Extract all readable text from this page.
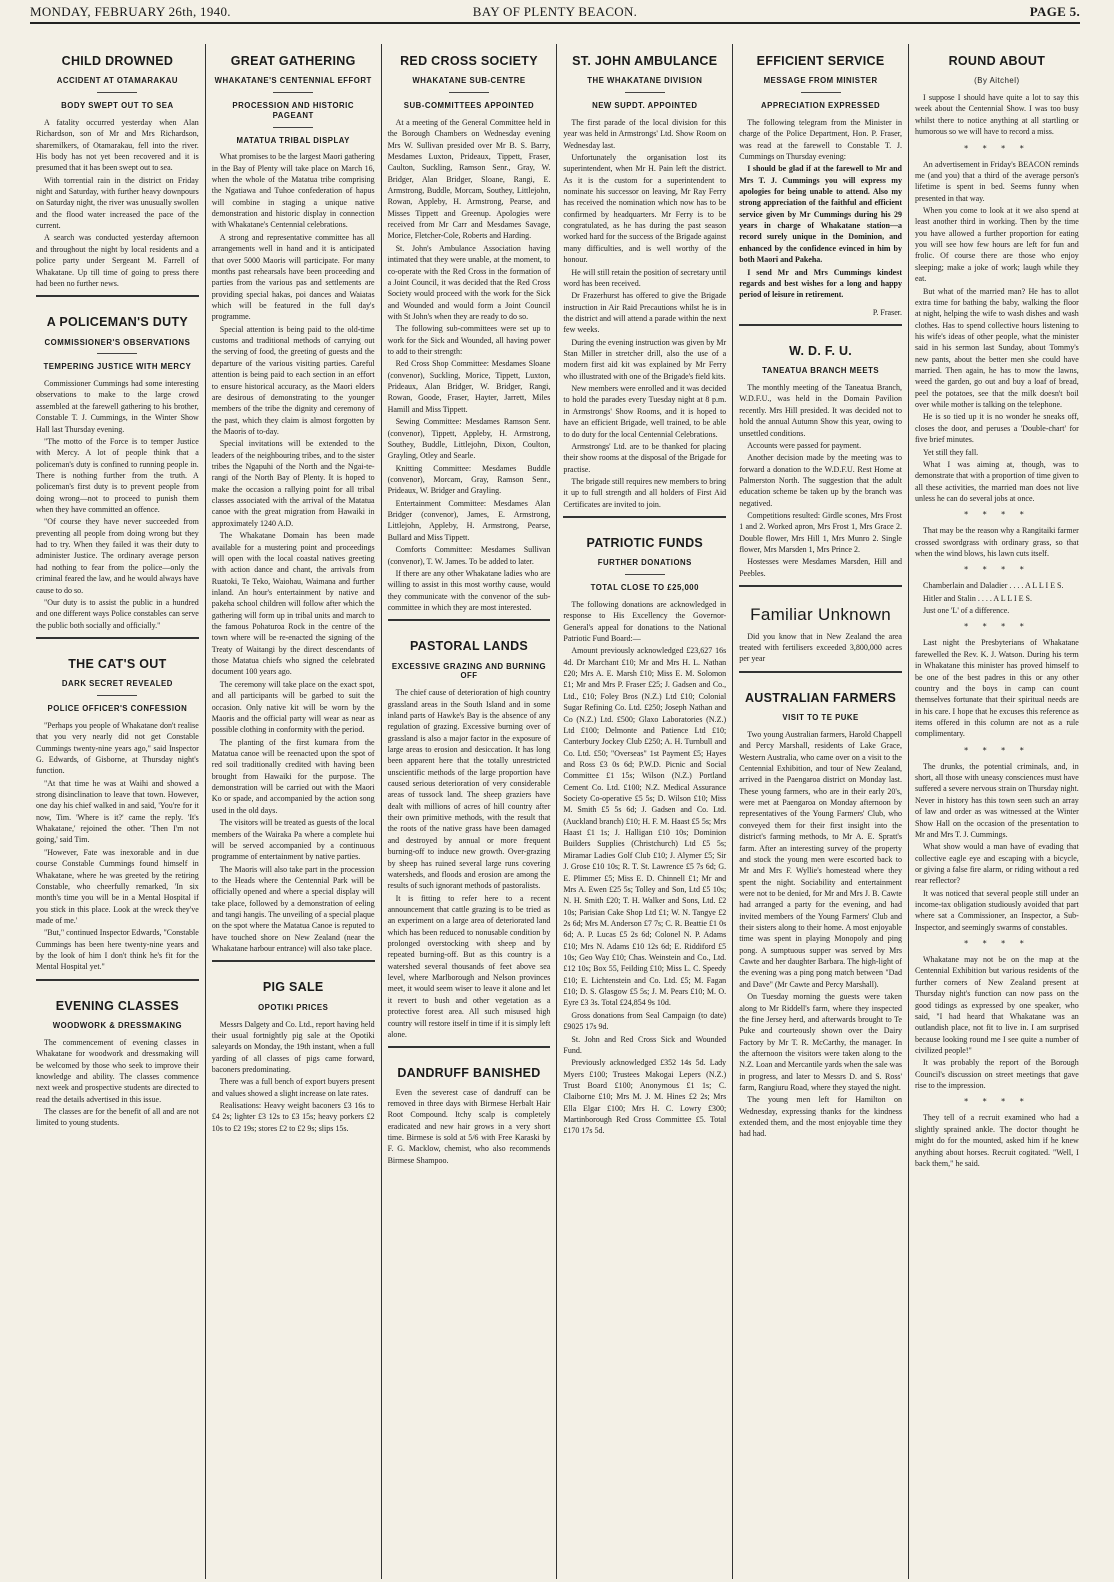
MONDAY, FEBRUARY 26th, 1940.	BAY OF PLENTY BEACON.	PAGE 5.
CHILD DROWNED
ACCIDENT AT OTAMARAKAU
BODY SWEPT OUT TO SEA

A fatality occurred yesterday when Alan Richardson, son of Mr and Mrs Richardson, sharemilkers, of Otamarakau, fell into the river. His body has not yet been recovered and it is presumed that it has been swept out to sea.

With torrential rain in the district on Friday night and Saturday, with further heavy downpours on Saturday night, the river was unusually swollen and the flood water increased the pace of the current.

A search was conducted yesterday afternoon and throughout the night by local residents and a police party under Sergeant M. Farrell of Whakatane. Up till time of going to press there had been no further news.

A POLICEMAN'S DUTY
COMMISSIONER'S OBSERVATIONS
TEMPERING JUSTICE WITH MERCY

Commissioner Cummings had some interesting observations to make to the large crowd assembled at the farewell gathering to his brother, Constable T. J. Cummings, in the Winter Show Hall last Thursday evening.

"The motto of the Force is to temper Justice with Mercy. A lot of people think that a policeman's duty is confined to running people in. There is nothing further from the truth. A policeman's first duty is to prevent people from doing wrong—not to proceed to punish them when they have committed an offence.

"Of course they have never succeeded from preventing all people from doing wrong but they had to try. When they failed it was their duty to administer Justice. The ordinary average person had nothing to fear from the police—only the criminal feared the law, and he would always have cause to do so.

"Our duty is to assist the public in a hundred and one different ways Police constables can serve the public both socially and officially."

THE CAT'S OUT
DARK SECRET REVEALED
POLICE OFFICER'S CONFESSION

"Perhaps you people of Whakatane don't realise that you very nearly did not get Constable Cummings twenty-nine years ago," said Inspector G. Edwards, of Gisborne, at Thursday night's function.

"At that time he was at Waihi and showed a strong disinclination to leave that town. However, one day his chief walked in and said, 'You're for it now, Tim. 'Where is it?' came the reply. 'It's Whakatane,' rejoined the other. 'Then I'm not going,' said Tim.

"However, Fate was inexorable and in due course Constable Cummings found himself in Whakatane, where he was greeted by the retiring Constable, who cheerfully remarked, 'In six month's time you will be in a Mental Hospital if you stick in this place. Look at the wreck they've made of me.'

"But," continued Inspector Edwards, "Constable Cummings has been here twenty-nine years and by the look of him I don't think he's fit for the Mental Hospital yet."

EVENING CLASSES
WOODWORK & DRESSMAKING

The commencement of evening classes in Whakatane for woodwork and dressmaking will be welcomed by those who seek to improve their knowledge and ability. The classes commence next week and prospective students are directed to read the details advertised in this issue.

The classes are for the benefit of all and are not limited to young students.

GREAT GATHERING
WHAKATANE'S CENTENNIAL EFFORT
PROCESSION AND HISTORIC PAGEANT
MATATUA TRIBAL DISPLAY

What promises to be the largest Maori gathering in the Bay of Plenty will take place on March 16, when the whole of the Matatua tribe comprising the Ngatiawa and Tuhoe confederation of hapus will combine in staging a unique native demonstration and historic display in connection with Whakatane's Centennial celebrations.

A strong and representative committee has all arrangements well in hand and it is anticipated that over 5000 Maoris will participate. For many months past rehearsals have been proceeding and parties from the various pas and settlements are providing special hakas, poi dances and Waiatas which will be featured in the full day's programme.

Special attention is being paid to the old-time customs and traditional methods of carrying out the serving of food, the greeting of guests and the departure of the various visiting parties. Careful attention is being paid to each section in an effort to ensure historical accuracy, as the Maori elders are desirous of demonstrating to the younger members of the tribe the dignity and ceremony of the past, which they claim is almost forgotten by the Maoris of to-day.

Special invitations will be extended to the leaders of the neighbouring tribes, and to the sister tribes the Ngapuhi of the North and the Ngai-te-rangi of the North Bay of Plenty. It is hoped to make the occasion a rallying point for all tribal classes associated with the arrival of the Matatua canoe with the great migration from Hawaiki in approximately 1240 A.D.

The Whakatane Domain has been made available for a mustering point and proceedings will open with the local coastal natives greeting with action dance and chant, the arrivals from Ruatoki, Te Teko, Waiohau, Waimana and further inland. An hour's entertainment by native and pakeha school children will follow after which the gathering will form up in tribal units and march to the famous Pohaturoa Rock in the centre of the town where will be re-enacted the signing of the Treaty of Waitangi by the direct descendants of those Matatua chiefs who signed the celebrated document 100 years ago.

The ceremony will take place on the exact spot, and all participants will be garbed to suit the occasion. Only native kit will be worn by the Maoris and the official party will wear as near as possible clothing in conformity with the period.

The planting of the first kumara from the Matatua canoe will be reenacted upon the spot of red soil traditionally credited with having been brought from Hawaiki for the purpose. The demonstration will be carried out with the Maori Ko or spade, and accompanied by the action song used in the old days.

The visitors will be treated as guests of the local members of the Wairaka Pa where a complete hui will be served accompanied by a continuous programme of entertainment by native parties.

The Maoris will also take part in the procession to the Heads where the Centennial Park will be officially opened and where a special display will take place, followed by a demonstration of eeling and tangi hangis. The unveiling of a special plaque on the spot where the Matatua Canoe is reputed to have touched shore on New Zealand (near the Whakatane harbour entrance) will also take place.

PIG SALE
OPOTIKI PRICES

Messrs Dalgety and Co. Ltd., report having held their usual fortnightly pig sale at the Opotiki saleyards on Monday, the 19th instant, when a full yarding of all classes of pigs came forward, baconers predominating.

There was a full bench of export buyers present and values showed a slight increase on late rates.

Realisations: Heavy weight baconers £3 16s to £4 2s; lighter £3 12s to £3 15s; heavy porkers £2 10s to £2 19s; stores £2 to £2 9s; slips 15s.

RED CROSS SOCIETY
WHAKATANE SUB-CENTRE
SUB-COMMITTEES APPOINTED

At a meeting of the General Committee held in the Borough Chambers on Wednesday evening Mrs W. Sullivan presided over Mr B. S. Barry, Mesdames Luxton, Prideaux, Tippett, Fraser, Caulton, Suckling, Ramson Senr., Gray, W. Bridger, Alan Bridger, Sloane, Rangi, E. Armstrong, Buddle, Morcam, Southey, Littlejohn, Rowan, Appleby, H. Armstrong, Pearse, and Misses Tippett and Greenup. Apologies were received from Mr Carr and Mesdames Savage, Morice, Fletcher-Cole, Roberts and Harding.

St. John's Ambulance Association having intimated that they were unable, at the moment, to co-operate with the Red Cross in the formation of a Joint Council, it was decided that the Red Cross Society would proceed with the work for the Sick and Wounded and would form a Joint Council with St John's when they are ready to do so.

The following sub-committees were set up to work for the Sick and Wounded, all having power to add to their strength:

Red Cross Shop Committee: Mesdames Sloane (convenor), Suckling, Morice, Tippett, Luxton, Prideaux, Alan Bridger, W. Bridger, Rangi, Rowan, Goode, Fraser, Hayter, Jarrett, Miles Hamill and Miss Tippett.

Sewing Committee: Mesdames Ramson Senr. (convenor), Tippett, Appleby, H. Armstrong, Southey, Buddle, Littlejohn, Dixon, Coulton, Grayling, Otley and Searle.

Knitting Committee: Mesdames Buddle (convenor), Morcam, Gray, Ramson Senr., Prideaux, W. Bridger and Grayling.

Entertainment Committee: Mesdames Alan Bridger (convenor), James, E. Armstrong, Littlejohn, Appleby, H. Armstrong, Pearse, Bullard and Miss Tippett.

Comforts Committee: Mesdames Sullivan (convenor), T. W. James. To be added to later.

If there are any other Whakatane ladies who are willing to assist in this most worthy cause, would they communicate with the convenor of the sub-committee in which they are most interested.

PASTORAL LANDS
EXCESSIVE GRAZING AND BURNING OFF

The chief cause of deterioration of high country grassland areas in the South Island and in some inland parts of Hawke's Bay is the absence of any regulation of grazing. Excessive burning over of grassland is also a major factor in the exposure of large areas to erosion and desiccation. It has long been apparent here that the totally unrestricted unscientific methods of the large proportion have caused serious deterioration of very considerable areas of tussock land. The sheep graziers have dealt with millions of acres of hill country after their own primitive methods, with the result that the roots of the native grass have been damaged and destroyed by annual or more frequent burning-off to induce new growth. Over-grazing by sheep has ruined several large runs covering watersheds, and floods and erosion are among the results of such ignorant methods of pastoralists.

It is fitting to refer here to a recent announcement that cattle grazing is to be tried as an experiment on a large area of deteriorated land which has been reduced to nonusable condition by prolonged overstocking with sheep and by repeated burning-off. But as this country is a watershed several thousands of feet above sea level, where Marlborough and Nelson provinces meet, it would seem wiser to leave it alone and let it revert to bush and other vegetation as a protective forest area. All such misused high country will restore itself in time if it is simply left alone.

DANDRUFF BANISHED

Even the severest case of dandruff can be removed in three days with Birmese Herbalt Hair Root Compound. Itchy scalp is completely eradicated and new hair grows in a very short time. Birmese is sold at 5/6 with Free Karaski by F. G. Macklow, chemist, who also recommends Birmese Shampoo.

ST. JOHN AMBULANCE
THE WHAKATANE DIVISION
NEW SUPDT. APPOINTED

The first parade of the local division for this year was held in Armstrongs' Ltd. Show Room on Wednesday last.

Unfortunately the organisation lost its superintendent, when Mr H. Pain left the district. As it is the custom for a superintendent to nominate his successor on leaving, Mr Ray Ferry has received the nomination which now has to be confirmed by headquarters. Mr Ferry is to be congratulated, as he has during the past season worked hard for the success of the Brigade against many difficulties, and is well worthy of the honour.

He will still retain the position of secretary until word has been received.

Dr Frazerhurst has offered to give the Brigade instruction in Air Raid Precautions whilst he is in the district and will attend a parade within the next few weeks.

During the evening instruction was given by Mr Stan Miller in stretcher drill, also the use of a modern first aid kit was explained by Mr Ferry who illustrated with one of the Brigade's field kits.

New members were enrolled and it was decided to hold the parades every Tuesday night at 8 p.m. in Armstrongs' Show Rooms, and it is hoped to have an efficient Brigade, well trained, to be able to do duty for the local Centennial Celebrations.

Armstrongs' Ltd. are to be thanked for placing their show rooms at the disposal of the Brigade for practise.

The brigade still requires new members to bring it up to full strength and all holders of First Aid Certificates are invited to join.

PATRIOTIC FUNDS
FURTHER DONATIONS
TOTAL CLOSE TO £25,000

The following donations are acknowledged in response to His Excellency the Governor-General's appeal for donations to the National Patriotic Fund Board:—

Amount previously acknowledged £23,627 16s 4d. Dr Marchant £10; Mr and Mrs H. L. Nathan £20; Mrs A. E. Marsh £10; Miss E. M. Solomon £1; Mr and Mrs P. Fraser £25; J. Gadsen and Co., Ltd., £10; Foley Bros (N.Z.) Ltd £10; Colonial Sugar Refining Co. Ltd. £250; Joseph Nathan and Co (N.Z.) Ltd. £500; Glaxo Laboratories (N.Z.) Ltd £100; Delmonte and Patience Ltd £10; Canterbury Jockey Club £250; A. H. Turnbull and Co. Ltd. £50; "Overseas" 1st Payment £5; Hayes and Ross £3 0s 6d; P.W.D. Picnic and Social Committee £1 15s; Wilson (N.Z.) Portland Cement Co. Ltd. £100; N.Z. Medical Assurance Society Co-operative £5 5s; D. Wilson £10; Miss M. Smith £5 5s 6d; J. Gadsen and Co. Ltd. (Auckland branch) £10; H. F. M. Haast £5 5s; Mrs Haast £1 1s; J. Halligan £10 10s; Dominion Builders Supplies (Christchurch) Ltd £5 5s; Miramar Ladies Golf Club £10; J. Alymer £5; Sir J. Grose £10 10s; R. T. St. Lawrence £5 7s 6d; G. E. Plimmer £5; Miss E. D. Chinnell £1; Mr and Mrs A. Ewen £25 5s; Tolley and Son, Ltd £5 10s; N. H. Smith £20; T. H. Walker and Sons, Ltd. £2 10s; Parisian Cake Shop Ltd £1; W. N. Tangye £2 2s 6d; Mrs M. Anderson £7 7s; C. R. Beattie £1 0s 6d; A. P. Lucas £5 2s 6d; Colonel N. P. Adams £10; Mrs N. Adams £10 12s 6d; E. Riddiford £5 10s; Geo Way £10; Chas. Weinstein and Co., Ltd. £12 10s; Box 55, Feilding £10; Miss L. C. Speedy £10; E. Lichtenstein and Co. Ltd. £5; M. Fagan £10; D. S. Glasgow £5 5s; J. M. Pears £10; M. O. Eyre £3 3s. Total £24,854 9s 10d.

Gross donations from Seal Campaign (to date) £9025 17s 9d.

St. John and Red Cross Sick and Wounded Fund.

Previously acknowledged £352 14s 5d. Lady Myers £100; Trustees Makogai Lepers (N.Z.) Trust Board £100; Anonymous £1 1s; C. Claiborne £10; Mrs M. J. M. Hines £2 2s; Mrs Ella Elgar £100; Mrs H. C. Lowry £300; Martinborough Red Cross Committee £5. Total £170 17s 5d.

EFFICIENT SERVICE
MESSAGE FROM MINISTER
APPRECIATION EXPRESSED

The following telegram from the Minister in charge of the Police Department, Hon. P. Fraser, was read at the farewell to Constable T. J. Cummings on Thursday evening:

I should be glad if at the farewell to Mr and Mrs T. J. Cummings you will express my apologies for being unable to attend. Also my strong appreciation of the faithful and efficient service given by Mr Cummings during his 29 years in charge of Whakatane station—a record surely unique in the Dominion, and enhanced by the confidence evinced in him by both Maori and Pakeha.

I send Mr and Mrs Cummings kindest regards and best wishes for a long and happy period of leisure in retirement.

P. Fraser.

W. D. F. U.
TANEATUA BRANCH MEETS

The monthly meeting of the Taneatua Branch, W.D.F.U., was held in the Domain Pavilion recently. Mrs Hill presided. It was decided not to hold the annual Autumn Show this year, owing to unsettled conditions.

Accounts were passed for payment.

Another decision made by the meeting was to forward a donation to the W.D.F.U. Rest Home at Palmerston North. The suggestion that the adult education scheme be taken up by the branch was negatived.

Competitions resulted: Girdle scones, Mrs Frost 1 and 2. Worked apron, Mrs Frost 1, Mrs Grace 2. Double flower, Mrs Hill 1, Mrs Munro 2. Single flower, Mrs Marsden 1, Mrs Prince 2.

Hostesses were Mesdames Marsden, Hill and Peebles.

Familiar Unknown

Did you know that in New Zealand the area treated with fertilisers exceeded 3,800,000 acres per year

AUSTRALIAN FARMERS
VISIT TO TE PUKE

Two young Australian farmers, Harold Chappell and Percy Marshall, residents of Lake Grace, Western Australia, who came over on a visit to the Centennial Exhibition, and tour of New Zealand, arrived in the Paengaroa district on Monday last. These young farmers, who are in their early 20's, were met at Paengaroa on Monday afternoon by representatives of the Young Farmers' Club, who conveyed them for their first insight into the district's farming methods, to Mr A. E. Spratt's farm. After an interesting survey of the property and stock the young men were escorted back to Mr and Mrs F. Wyllie's homestead where they spent the night. Sociability and entertainment were not to be denied, for Mr and Mrs J. B. Cawte had arranged a party for the evening, and had invited members of the Young Farmers' Club and their sisters along to their home. A most enjoyable time was spent in playing Monopoly and ping pong. A sumptuous supper was served by Mrs Cawte and her daughter Barbara. The high-light of the evening was a ping pong match between "Dad and Dave" (Mr Cawte and Percy Marshall).

On Tuesday morning the guests were taken along to Mr Riddell's farm, where they inspected the fine Jersey herd, and afterwards brought to Te Puke and courteously shown over the Dairy Factory by Mr T. R. McCarthy, the manager. In the afternoon the visitors were taken along to the N.Z. Loan and Mercantile yards when the sale was in progress, and later to Messrs D. and S. Ross' farm, Rangiuru Road, where they stayed the night.

The young men left for Hamilton on Wednesday, expressing thanks for the kindness extended them, and the most enjoyable time they had had.

ROUND ABOUT
(By Aitchel)

I suppose I should have quite a lot to say this week about the Centennial Show. I was too busy whilst there to notice anything at all startling or humorous so we will have to record a miss.

* * * *

An advertisement in Friday's BEACON reminds me (and you) that a third of the average person's lifetime is spent in bed. Seems funny when presented in that way.

When you come to look at it we also spend at least another third in working. Then by the time you have allowed a further proportion for eating you will see how few hours are left for fun and frolic. Of course there are those who enjoy sleeping; make a joke of work; laugh while they eat.

But what of the married man? He has to allot extra time for bathing the baby, walking the floor at night, helping the wife to wash dishes and wash clothes. Has to spend collective hours listening to his wife's ideas of other people, what the minister said in his sermon last Sunday, about Tommy's new pants, about the better men she could have married. Then again, he has to mow the lawns, weed the garden, go out and buy a loaf of bread, peel the potatoes, see that the milk doesn't boil over while mother is talking on the telephone.

He is so tied up it is no wonder he sneaks off, closes the door, and peruses a 'Double-chart' for five brief minutes.

Yet still they fall.

What I was aiming at, though, was to demonstrate that with a proportion of time given to all these activities, the married man does not live unless he can do several jobs at once.

* * * *

That may be the reason why a Rangitaiki farmer crossed swordgrass with ordinary grass, so that when the wind blows, his lawn cuts itself.

* * * *

Chamberlain and Daladier . . . . A L L I E S.

Hitler and Stalin . . . . A L L I E S.

Just one 'L' of a difference.

* * * *

Last night the Presbyterians of Whakatane farewelled the Rev. K. J. Watson. During his term in Whakatane this minister has proved himself to be one of the best padres in this or any other country and the boys in camp can count themselves fortunate that their spiritual needs are in his care. I hope that he excuses this reference as items offered in this column are not as a rule complimentary.

* * * *

The drunks, the potential criminals, and, in short, all those with uneasy consciences must have suffered a severe nervous strain on Thursday night. Never in history has this town seen such an array of law and order as was witnessed at the Winter Show Hall on the occasion of the presentation to Mr and Mrs T. J. Cummings.

What show would a man have of evading that collective eagle eye and escaping with a bicycle, or giving a false fire alarm, or riding without a red rear reflector?

It was noticed that several people still under an income-tax obligation studiously avoided that part where sat a Commissioner, an Inspector, a Sub-Inspector, and seemingly swarms of constables.

* * * *

Whakatane may not be on the map at the Centennial Exhibition but various residents of the further corners of New Zealand present at Thursday night's function can now pass on the good tidings as expressed by one speaker, who said, "I had heard that Whakatane was an outlandish place, not fit to live in. I am surprised because looking round me I see quite a number of civilized people!"

It was probably the report of the Borough Council's discussion on street meetings that gave rise to the impression.

* * * *

They tell of a recruit examined who had a slightly sprained ankle. The doctor thought he might do for the mounted, asked him if he knew anything about horses. Recruit cogitated. "Well, I back them," he said.
